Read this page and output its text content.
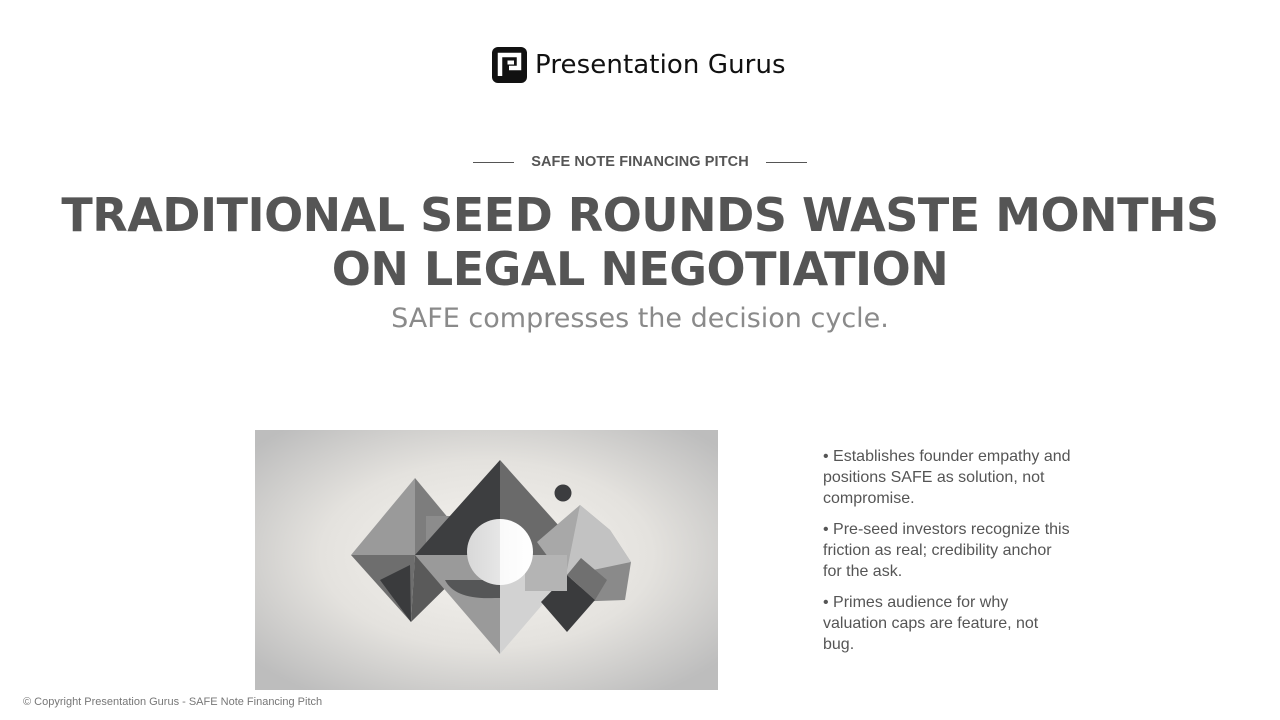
Presentation Gurus
SAFE NOTE FINANCING PITCH
TRADITIONAL SEED ROUNDS WASTE MONTHS
ON LEGAL NEGOTIATION

SAFE compresses the decision cycle.

• Establishes founder empathy and positions SAFE as solution, not compromise.
• Pre-seed investors recognize this friction as real; credibility anchor for the ask.
• Primes audience for why valuation caps are feature, not bug.
© Copyright Presentation Gurus - SAFE Note Financing Pitch
